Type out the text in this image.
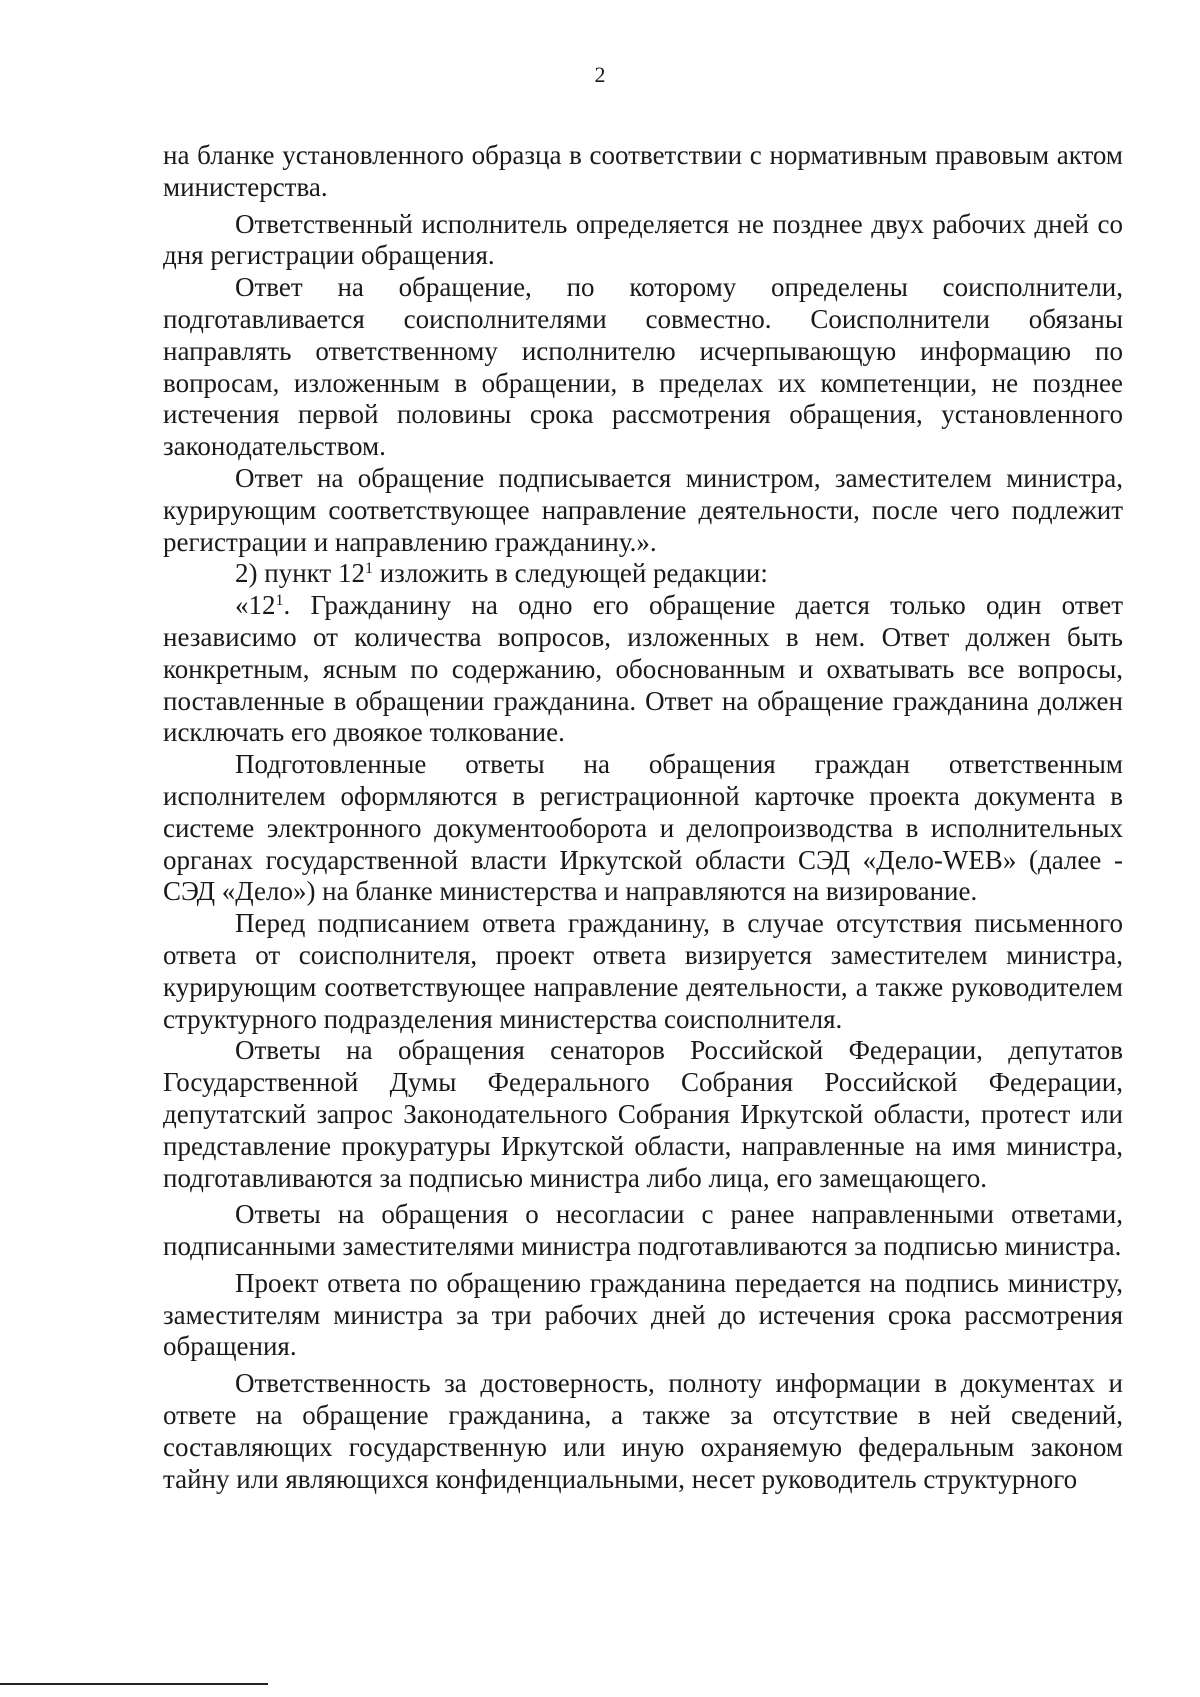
2

на бланке установленного образца в соответствии с нормативным правовым актом министерства.

Ответственный исполнитель определяется не позднее двух рабочих дней со дня регистрации обращения.

Ответ на обращение, по которому определены соисполнители, подготавливается соисполнителями совместно. Соисполнители обязаны направлять ответственному исполнителю исчерпывающую информацию по вопросам, изложенным в обращении, в пределах их компетенции, не позднее истечения первой половины срока рассмотрения обращения, установленного законодательством.

Ответ на обращение подписывается министром, заместителем министра, курирующим соответствующее направление деятельности, после чего подлежит регистрации и направлению гражданину.».

2) пункт $12^1$ изложить в следующей редакции:

«$12^1$. Гражданину на одно его обращение дается только один ответ независимо от количества вопросов, изложенных в нем. Ответ должен быть конкретным, ясным по содержанию, обоснованным и охватывать все вопросы, поставленные в обращении гражданина. Ответ на обращение гражданина должен исключать его двоякое толкование.

Подготовленные ответы на обращения граждан ответственным исполнителем оформляются в регистрационной карточке проекта документа в системе электронного документооборота и делопроизводства в исполнительных органах государственной власти Иркутской области СЭД «Дело-WEB» (далее - СЭД «Дело») на бланке министерства и направляются на визирование.

Перед подписанием ответа гражданину, в случае отсутствия письменного ответа от соисполнителя, проект ответа визируется заместителем министра, курирующим соответствующее направление деятельности, а также руководителем структурного подразделения министерства соисполнителя.

Ответы на обращения сенаторов Российской Федерации, депутатов Государственной Думы Федерального Собрания Российской Федерации, депутатский запрос Законодательного Собрания Иркутской области, протест или представление прокуратуры Иркутской области, направленные на имя министра, подготавливаются за подписью министра либо лица, его замещающего.

Ответы на обращения о несогласии с ранее направленными ответами, подписанными заместителями министра подготавливаются за подписью министра.

Проект ответа по обращению гражданина передается на подпись министру, заместителям министра за три рабочих дней до истечения срока рассмотрения обращения.

Ответственность за достоверность, полноту информации в документах и ответе на обращение гражданина, а также за отсутствие в ней сведений, составляющих государственную или иную охраняемую федеральным законом тайну или являющихся конфиденциальными, несет руководитель структурного
